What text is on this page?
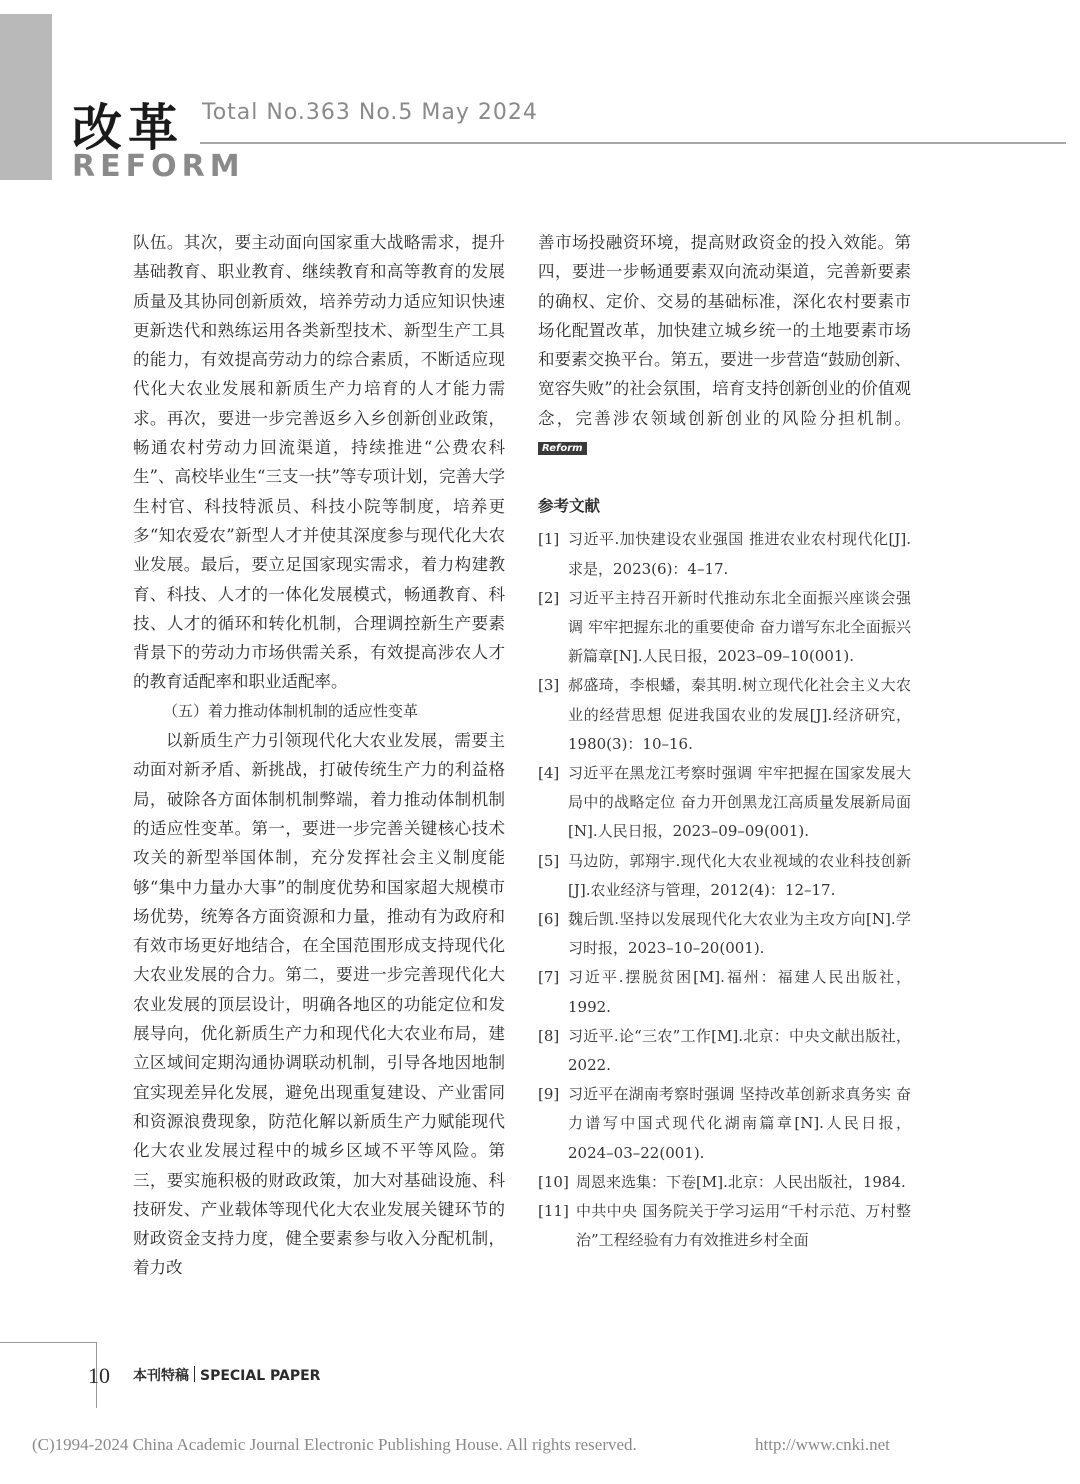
改革
REFORM
Total No.363 No.5 May 2024

队伍。其次，要主动面向国家重大战略需求，提升基础教育、职业教育、继续教育和高等教育的发展质量及其协同创新质效，培养劳动力适应知识快速更新迭代和熟练运用各类新型技术、新型生产工具的能力，有效提高劳动力的综合素质，不断适应现代化大农业发展和新质生产力培育的人才能力需求。再次，要进一步完善返乡入乡创新创业政策，畅通农村劳动力回流渠道，持续推进“公费农科生”、高校毕业生“三支一扶”等专项计划，完善大学生村官、科技特派员、科技小院等制度，培养更多“知农爱农”新型人才并使其深度参与现代化大农业发展。最后，要立足国家现实需求，着力构建教育、科技、人才的一体化发展模式，畅通教育、科技、人才的循环和转化机制，合理调控新生产要素背景下的劳动力市场供需关系，有效提高涉农人才的教育适配率和职业适配率。

（五）着力推动体制机制的适应性变革

以新质生产力引领现代化大农业发展，需要主动面对新矛盾、新挑战，打破传统生产力的利益格局，破除各方面体制机制弊端，着力推动体制机制的适应性变革。第一，要进一步完善关键核心技术攻关的新型举国体制，充分发挥社会主义制度能够“集中力量办大事”的制度优势和国家超大规模市场优势，统筹各方面资源和力量，推动有为政府和有效市场更好地结合，在全国范围形成支持现代化大农业发展的合力。第二，要进一步完善现代化大农业发展的顶层设计，明确各地区的功能定位和发展导向，优化新质生产力和现代化大农业布局，建立区域间定期沟通协调联动机制，引导各地因地制宜实现差异化发展，避免出现重复建设、产业雷同和资源浪费现象，防范化解以新质生产力赋能现代化大农业发展过程中的城乡区域不平等风险。第三，要实施积极的财政政策，加大对基础设施、科技研发、产业载体等现代化大农业发展关键环节的财政资金支持力度，健全要素参与收入分配机制，着力改

善市场投融资环境，提高财政资金的投入效能。第四，要进一步畅通要素双向流动渠道，完善新要素的确权、定价、交易的基础标准，深化农村要素市场化配置改革，加快建立城乡统一的土地要素市场和要素交换平台。第五，要进一步营造“鼓励创新、宽容失败”的社会氛围，培育支持创新创业的价值观念，完善涉农领域创新创业的风险分担机制。 Reform

参考文献
[1] 习近平.加快建设农业强国 推进农业农村现代化[J].求是，2023(6)：4–17.
[2] 习近平主持召开新时代推动东北全面振兴座谈会强调 牢牢把握东北的重要使命 奋力谱写东北全面振兴新篇章[N].人民日报，2023–09–10(001).
[3] 郝盛琦，李根蟠，秦其明.树立现代化社会主义大农业的经营思想 促进我国农业的发展[J].经济研究，1980(3)：10–16.
[4] 习近平在黑龙江考察时强调 牢牢把握在国家发展大局中的战略定位 奋力开创黑龙江高质量发展新局面[N].人民日报，2023–09–09(001).
[5] 马边防，郭翔宇.现代化大农业视域的农业科技创新[J].农业经济与管理，2012(4)：12–17.
[6] 魏后凯.坚持以发展现代化大农业为主攻方向[N].学习时报，2023–10–20(001).
[7] 习近平.摆脱贫困[M].福州：福建人民出版社，1992.
[8] 习近平.论“三农”工作[M].北京：中央文献出版社，2022.
[9] 习近平在湖南考察时强调 坚持改革创新求真务实 奋力谱写中国式现代化湖南篇章[N].人民日报，2024–03–22(001).
[10] 周恩来选集：下卷[M].北京：人民出版社，1984.
[11] 中共中央 国务院关于学习运用“千村示范、万村整治”工程经验有力有效推进乡村全面
10 本刊特稿 SPECIAL PAPER
(C)1994-2024 China Academic Journal Electronic Publishing House. All rights reserved.	http://www.cnki.net
